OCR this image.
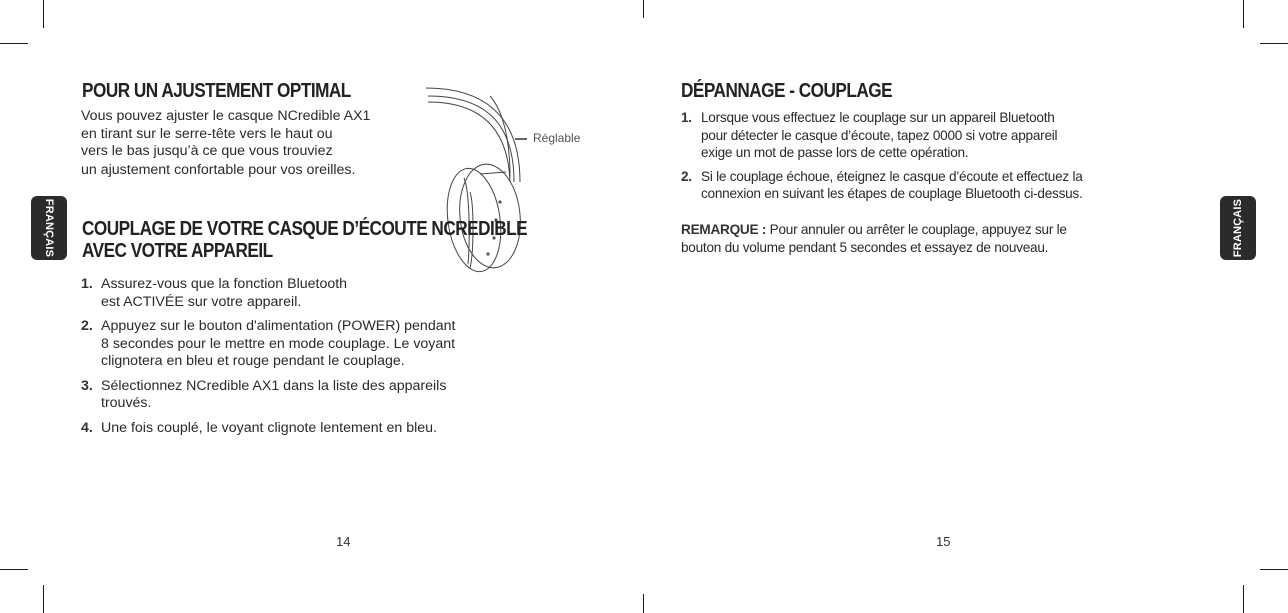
FRANÇAIS	FRANÇAIS
POUR UN AJUSTEMENT OPTIMAL
Vous pouvez ajuster le casque NCredible AX1
en tirant sur le serre-tête vers le haut ou
vers le bas jusqu’à ce que vous trouviez
un ajustement confortable pour vos oreilles.
Réglable
COUPLAGE DE VOTRE CASQUE D’ÉCOUTE NCREDIBLE
AVEC VOTRE APPAREIL
1. Assurez-vous que la fonction Bluetooth
est ACTIVÉE sur votre appareil.
2. Appuyez sur le bouton d'alimentation (POWER) pendant
8 secondes pour le mettre en mode couplage. Le voyant
clignotera en bleu et rouge pendant le couplage.
3. Sélectionnez NCredible AX1 dans la liste des appareils
trouvés.
4. Une fois couplé, le voyant clignote lentement en bleu.
14
DÉPANNAGE - COUPLAGE
1. Lorsque vous effectuez le couplage sur un appareil Bluetooth
pour détecter le casque d’écoute, tapez 0000 si votre appareil
exige un mot de passe lors de cette opération.
2. Si le couplage échoue, éteignez le casque d’écoute et effectuez la
connexion en suivant les étapes de couplage Bluetooth ci-dessus.
REMARQUE : Pour annuler ou arrêter le couplage, appuyez sur le
bouton du volume pendant 5 secondes et essayez de nouveau.
15
